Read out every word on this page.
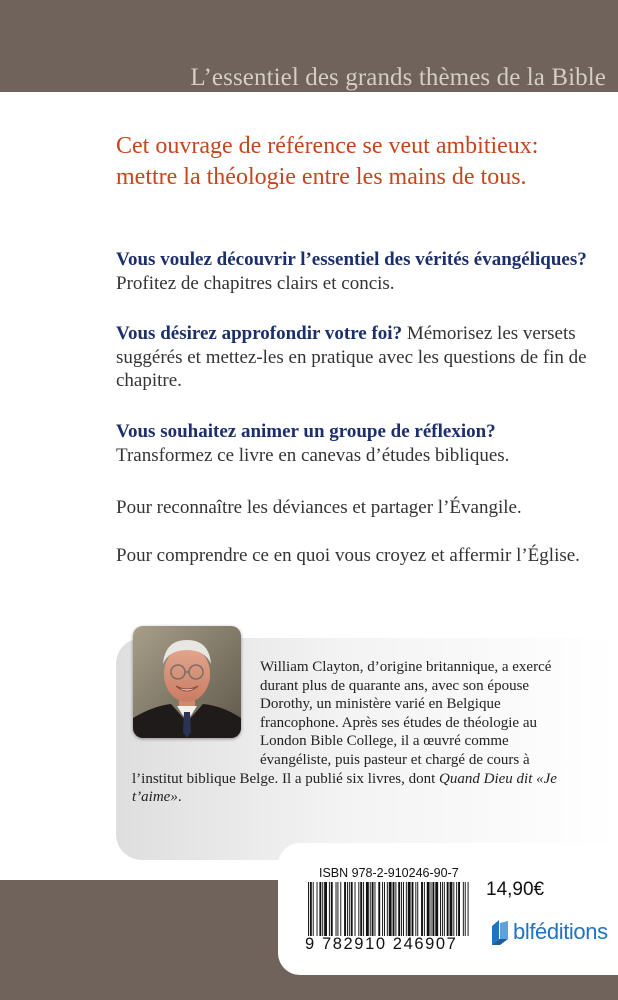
L’essentiel des grands thèmes de la Bible
Cet ouvrage de référence se veut ambitieux: mettre la théologie entre les mains de tous.

Vous voulez découvrir l’essentiel des vérités évangéliques? Profitez de chapitres clairs et concis.

Vous désirez approfondir votre foi? Mémorisez les versets suggérés et mettez-les en pratique avec les questions de fin de chapitre.

Vous souhaitez animer un groupe de réflexion? Transformez ce livre en canevas d’études bibliques.

Pour reconnaître les déviances et partager l’Évangile.

Pour comprendre ce en quoi vous croyez et affermir l’Église.

William Clayton, d’origine britannique, a exercé durant plus de quarante ans, avec son épouse Dorothy, un ministère varié en Belgique francophone. Après ses études de théologie au London Bible College, il a œuvré comme évangéliste, puis pasteur et chargé de cours à l’institut biblique Belge. Il a publié six livres, dont Quand Dieu dit «Je t’aime».
ISBN 978-2-910246-90-7
9 782910 246907
14,90€
blféditions
